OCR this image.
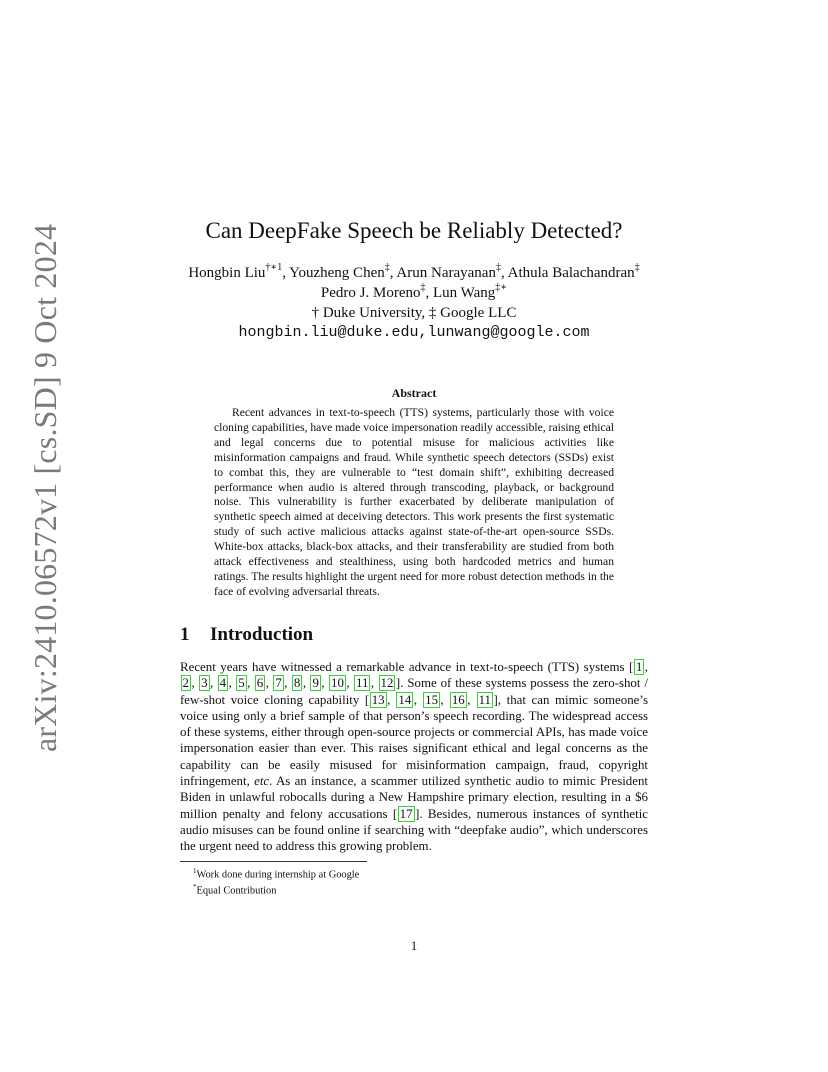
arXiv:2410.06572v1 [cs.SD] 9 Oct 2024	Can DeepFake Speech be Reliably Detected?
Hongbin Liu$^{\dagger∗1}$, Youzheng Chen‡, Arun Narayanan‡, Athula Balachandran‡
Pedro J. Moreno‡, Lun Wang‡∗
† Duke University, ‡ Google LLC
hongbin.liu@duke.edu,lunwang@google.com
Abstract

Recent advances in text-to-speech (TTS) systems, particularly those with voice cloning capabilities, have made voice impersonation readily accessible, raising ethical and legal concerns due to potential misuse for malicious activities like misinformation campaigns and fraud. While synthetic speech detectors (SSDs) exist to combat this, they are vulnerable to “test domain shift”, exhibiting decreased performance when audio is altered through transcoding, playback, or background noise. This vulnerability is further exacerbated by deliberate manipulation of synthetic speech aimed at deceiving detectors. This work presents the first systematic study of such active malicious attacks against state-of-the-art open-source SSDs. White-box attacks, black-box attacks, and their transferability are studied from both attack effectiveness and stealthiness, using both hardcoded metrics and human ratings. The results highlight the urgent need for more robust detection methods in the face of evolving adversarial threats.

1 Introduction

Recent years have witnessed a remarkable advance in text-to-speech (TTS) systems [ 1 , 2 , 3 , 4 , 5 , 6 , 7 , 8 , 9 , 10 , 11 , 12 ]. Some of these systems possess the zero-shot / few-shot voice cloning capability [ 13 , 14 , 15 , 16 , 11 ], that can mimic someone’s voice using only a brief sample of that person’s speech recording. The widespread access of these systems, either through open-source projects or commercial APIs, has made voice impersonation easier than ever. This raises significant ethical and legal concerns as the capability can be easily misused for misinformation campaign, fraud, copyright infringement, etc. As an instance, a scammer utilized synthetic audio to mimic President Biden in unlawful robocalls during a New Hampshire primary election, resulting in a $6 million penalty and felony accusations [ 17 ]. Besides, numerous instances of synthetic audio misuses can be found online if searching with “deepfake audio”, which underscores the urgent need to address this growing problem.

$^1$Work done during internship at Google
*Equal Contribution
1
